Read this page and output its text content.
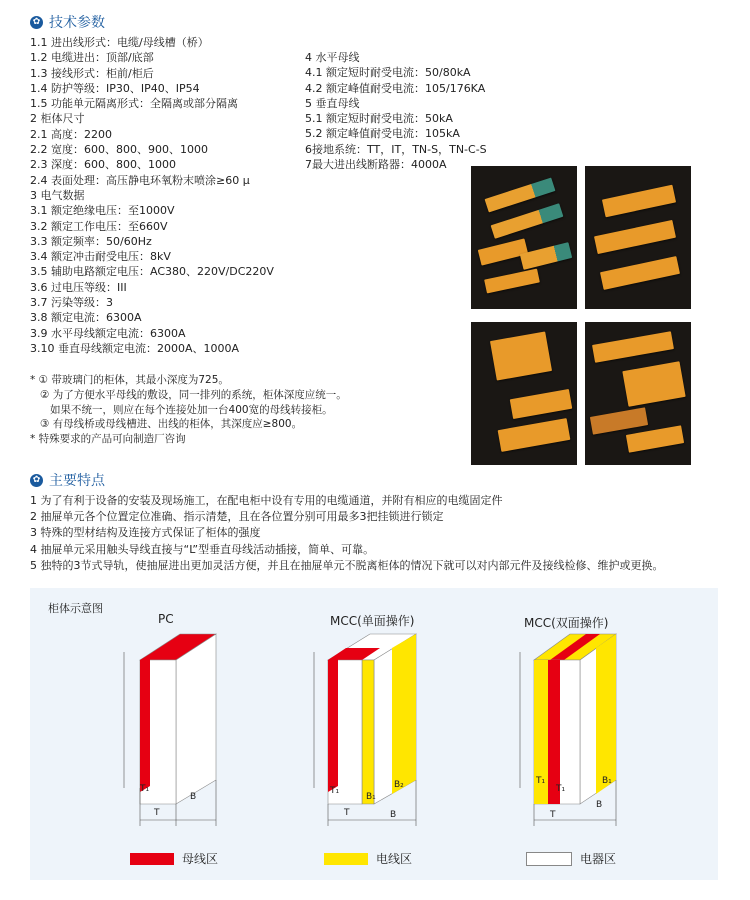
✿ 技术参数
1.1 进出线形式：电缆/母线槽（桥）
1.2 电缆进出：顶部/底部
1.3 接线形式：柜前/柜后
1.4 防护等级：IP30、IP40、IP54
1.5 功能单元隔离形式：全隔离或部分隔离
2 柜体尺寸
2.1 高度：2200
2.2 宽度：600、800、900、1000
2.3 深度：600、800、1000
2.4 表面处理：高压静电环氧粉末喷涂≥60 μ
3 电气数据
3.1 额定绝缘电压：至1000V
3.2 额定工作电压：至660V
3.3 额定频率：50/60Hz
3.4 额定冲击耐受电压：8kV
3.5 辅助电路额定电压：AC380、220V/DC220V
3.6 过电压等级：III
3.7 污染等级：3
3.8 额定电流：6300A
3.9 水平母线额定电流：6300A
3.10 垂直母线额定电流：2000A、1000A
4 水平母线
4.1 额定短时耐受电流：50/80kA
4.2 额定峰值耐受电流：105/176KA
5 垂直母线
5.1 额定短时耐受电流：50kA
5.2 额定峰值耐受电流：105kA
6接地系统：TT，IT，TN-S，TN-C-S
7最大进出线断路器：4000A
* ① 带玻璃门的柜体，其最小深度为725。
② 为了方便水平母线的敷设，同一排列的系统，柜体深度应统一。
如果不统一，则应在每个连接处加一台400宽的母线转接柜。
③ 有母线桥或母线槽进、出线的柜体，其深度应≥800。
* 特殊要求的产品可向制造厂咨询
✿ 主要特点
1 为了有利于设备的安装及现场施工，在配电柜中设有专用的电缆通道，并附有相应的电缆固定件
2 抽屉单元各个位置定位准确、指示清楚，且在各位置分别可用最多3把挂锁进行锁定
3 特殊的型材结构及连接方式保证了柜体的强度
4 抽屉单元采用触头导线直接与“L”型垂直母线活动插接，简单、可靠。
5 独特的3节式导轨，使抽屉进出更加灵活方便，并且在抽屉单元不脱离柜体的情况下就可以对内部元件及接线检修、维护或更换。
柜体示意图
PC	MCC(单面操作)	MCC(双面操作)
T₁
T
B
T₁
B₂
B₁
T	B
T₁
T₁
B₁
T
B
母线区	电线区	电器区
